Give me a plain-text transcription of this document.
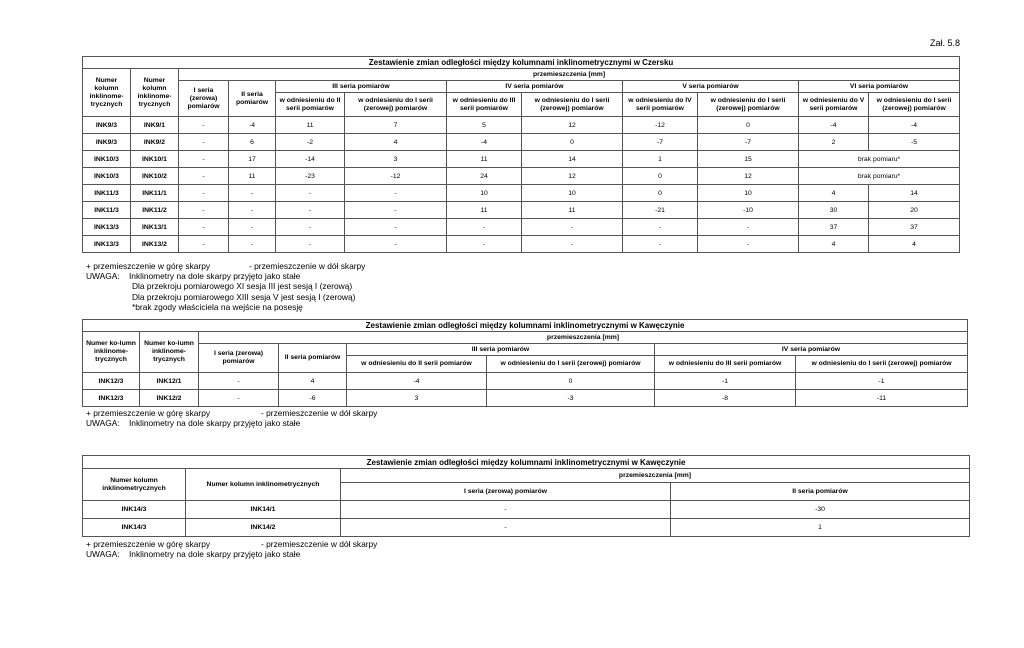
Zał. 5.8
Zestawienie zmian odległości między kolumnami inklinometrycznymi w Czersku											
Numer kolumn inklinome-trycznych	Numer kolumn inklinome-trycznych	przemieszczenia [mm]									
		I seria (zerowa) pomiarów	II seria pomiarów	III seria pomiarów		IV seria pomiarów		V seria pomiarów		VI seria pomiarów	
				w odniesieniu do II serii pomiarów	w odniesieniu do I serii (zerowej) pomiarów	w odniesieniu do III serii pomiarów	w odniesieniu do I serii (zerowej) pomiarów	w odniesieniu do IV serii pomiarów	w odniesieniu do I serii (zerowej) pomiarów	w odniesieniu do V serii pomiarów	w odniesieniu do I serii (zerowej) pomiarów
INK9/3	INK9/1	-	-4	11	7	5	12	-12	0	-4	-4
INK9/3	INK9/2	-	6	-2	4	-4	0	-7	-7	2	-5
INK10/3	INK10/1	-	17	-14	3	11	14	1	15	brak pomiaru*	
INK10/3	INK10/2	-	11	-23	-12	24	12	0	12	brak pomiaru*	
INK11/3	INK11/1	-	-	-	-	10	10	0	10	4	14
INK11/3	INK11/2	-	-	-	-	11	11	-21	-10	30	20
INK13/3	INK13/1	-	-	-	-	-	-	-	-	37	37
INK13/3	INK13/2	-	-	-	-	-	-	-	-	4	4
+ przemieszczenie w górę skarpy	- przemieszczenie w dół skarpy
UWAGA: Inklinometry na dole skarpy przyjęto jako stałe
Dla przekroju pomiarowego XI sesja III jest sesją I (zerową)
Dla przekroju pomiarowego XIII sesja V jest sesją I (zerową)
*brak zgody właściciela na wejście na posesję
Zestawienie zmian odległości między kolumnami inklinometrycznymi w Kawęczynie							
Numer ko-lumn inklinome-trycznych	Numer ko-lumn inklinome-trycznych	przemieszczenia [mm]					
		I seria (zerowa) pomiarów	II seria pomiarów	III seria pomiarów		IV seria pomiarów	
				w odniesieniu do II serii pomiarów	w odniesieniu do I serii (zerowej) pomiarów	w odniesieniu do III serii pomiarów	w odniesieniu do I serii (zerowej) pomiarów
INK12/3	INK12/1	-	4	-4	0	-1	-1
INK12/3	INK12/2	-	-6	3	-3	-8	-11
+ przemieszczenie w górę skarpy	- przemieszczenie w dół skarpy
UWAGA: Inklinometry na dole skarpy przyjęto jako stałe
Zestawienie zmian odległości między kolumnami inklinometrycznymi w Kawęczynie			
Numer kolumn inklinometrycznych	Numer kolumn inklinometrycznych	przemieszczenia [mm]	
		I seria (zerowa) pomiarów	II seria pomiarów
INK14/3	INK14/1	-	-30
INK14/3	INK14/2	-	1
+ przemieszczenie w górę skarpy	- przemieszczenie w dół skarpy
UWAGA: Inklinometry na dole skarpy przyjęto jako stałe
